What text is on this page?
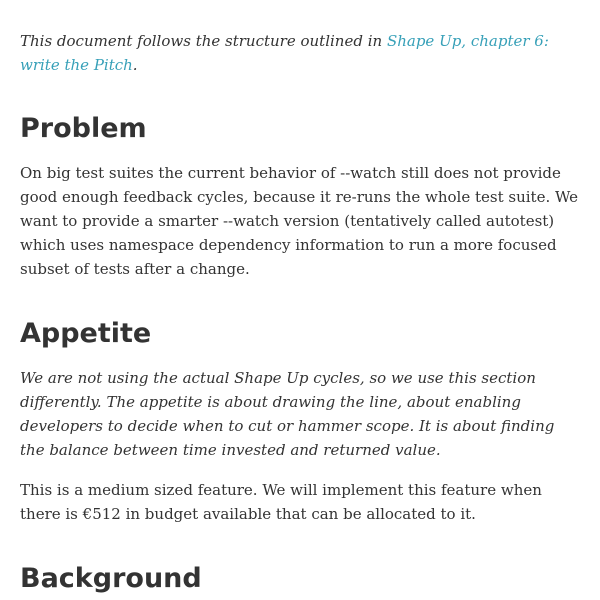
This document follows the structure outlined in Shape Up, chapter 6: write the Pitch.

Problem

On big test suites the current behavior of --watch still does not provide good enough feedback cycles, because it re-runs the whole test suite. We want to provide a smarter --watch version (tentatively called autotest) which uses namespace dependency information to run a more focused subset of tests after a change.

Appetite

We are not using the actual Shape Up cycles, so we use this section differently. The appetite is about drawing the line, about enabling developers to decide when to cut or hammer scope. It is about finding the balance between time invested and returned value.

This is a medium sized feature. We will implement this feature when there is €512 in budget available that can be allocated to it.

Background
